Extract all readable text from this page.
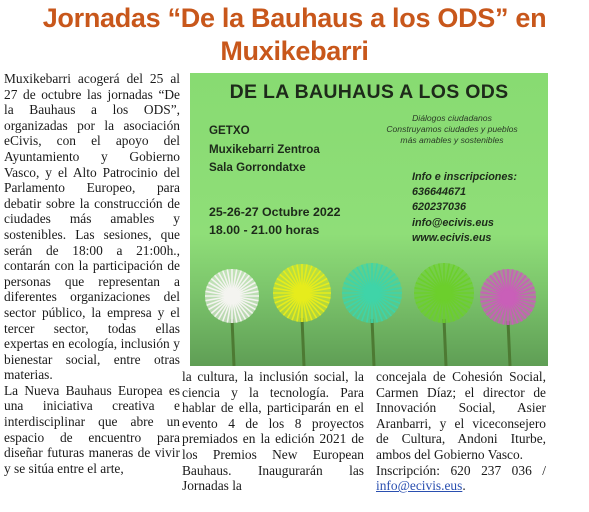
Jornadas “De la Bauhaus a los ODS” en Muxikebarri

Muxikebarri acogerá del 25 al 27 de octubre las jornadas “De la Bauhaus a los ODS”, organizadas por la asociación eCivis, con el apoyo del Ayuntamiento y Gobierno Vasco, y el Alto Patrocinio del Parlamento Europeo, para debatir sobre la construcción de ciudades más amables y sostenibles. Las sesiones, que serán de 18:00 a 21:00h., contarán con la participación de personas que representan a diferentes organizaciones del sector público, la empresa y el tercer sector, todas ellas expertas en ecología, inclusión y bienestar social, entre otras materias.

La Nueva Bauhaus Europea es una iniciativa creativa e interdisciplinar que abre un espacio de encuentro para diseñar futuras maneras de vivir y se sitúa entre el arte,

DE LA BAUHAUS A LOS ODS
Diálogos ciudadanos
Construyamos ciudades y pueblos
más amables y sostenibles
GETXO
Muxikebarri Zentroa
Sala Gorrondatxe
Info e inscripciones:
636644671
620237036
info@ecivis.eus
www.ecivis.eus
25-26-27 Octubre 2022
18.00 - 21.00 horas

la cultura, la inclusión social, la ciencia y la tecnología. Para hablar de ella, participarán en el evento 4 de los 8 proyectos premiados en la edición 2021 de los Premios New European Bauhaus. Inaugurarán las Jornadas la

concejala de Cohesión Social, Carmen Díaz; el director de Innovación Social, Asier Aranbarri, y el viceconsejero de Cultura, Andoni Iturbe, ambos del Gobierno Vasco.

Inscripción: 620 237 036 / info@ecivis.eus.
